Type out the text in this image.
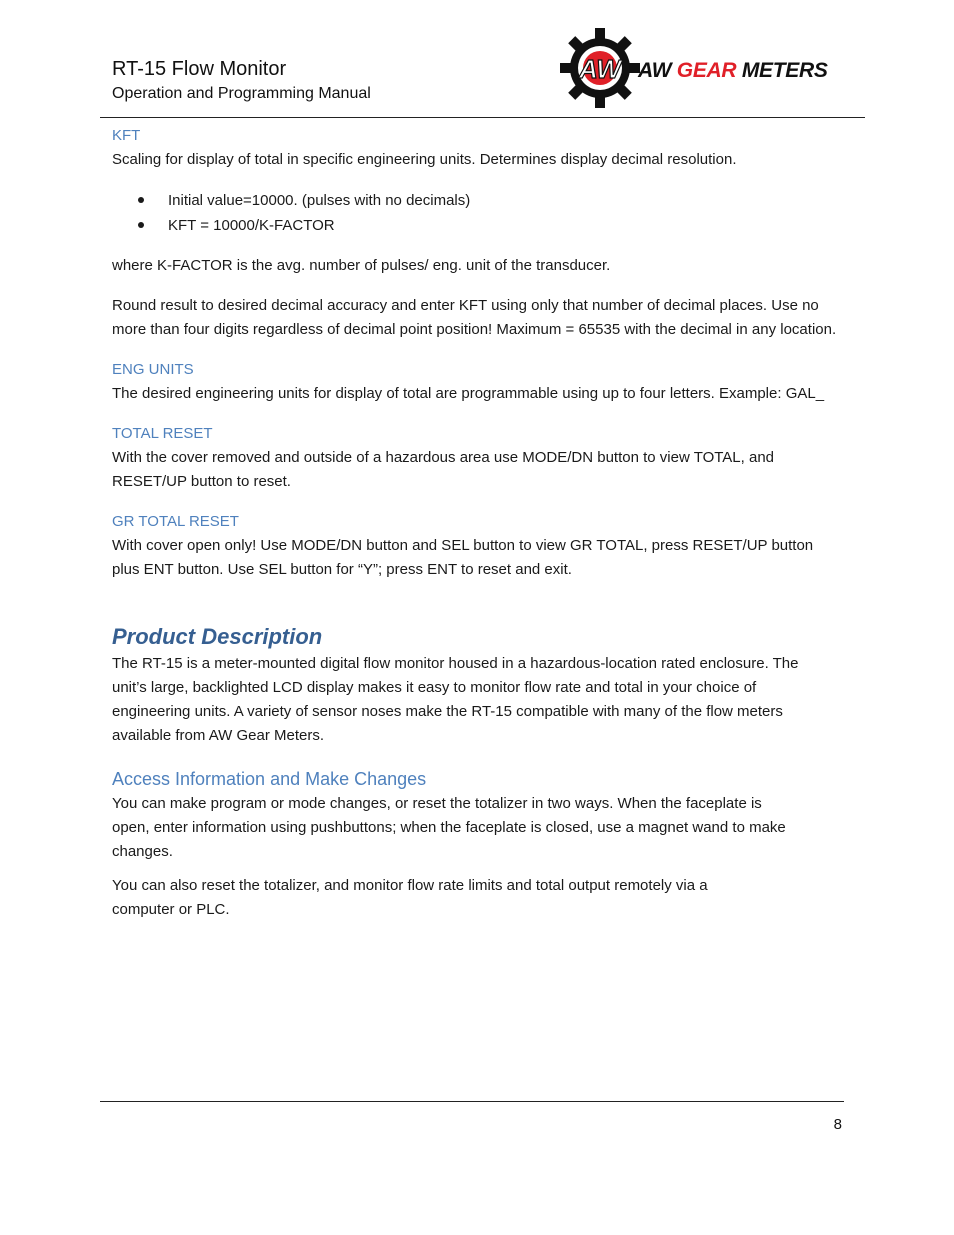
RT-15 Flow Monitor
Operation and Programming Manual
AW AW GEAR METERS

KFT

Scaling for display of total in specific engineering units. Determines display decimal resolution.

Initial value=10000. (pulses with no decimals)
KFT = 10000/K-FACTOR

where K-FACTOR is the avg. number of pulses/ eng. unit of the transducer.

Round result to desired decimal accuracy and enter KFT using only that number of decimal places. Use no more than four digits regardless of decimal point position! Maximum = 65535 with the decimal in any location.

ENG UNITS

The desired engineering units for display of total are programmable using up to four letters. Example: GAL_

TOTAL RESET

With the cover removed and outside of a hazardous area use MODE/DN button to view TOTAL, and RESET/UP button to reset.

GR TOTAL RESET

With cover open only! Use MODE/DN button and SEL button to view GR TOTAL, press RESET/UP button plus ENT button. Use SEL button for “Y”; press ENT to reset and exit.

Product Description

The RT-15 is a meter-mounted digital flow monitor housed in a hazardous-location rated enclosure. The unit’s large, backlighted LCD display makes it easy to monitor flow rate and total in your choice of engineering units. A variety of sensor noses make the RT-15 compatible with many of the flow meters available from AW Gear Meters.

Access Information and Make Changes

You can make program or mode changes, or reset the totalizer in two ways. When the faceplate is open, enter information using pushbuttons; when the faceplate is closed, use a magnet wand to make changes.

You can also reset the totalizer, and monitor flow rate limits and total output remotely via a computer or PLC.

8
